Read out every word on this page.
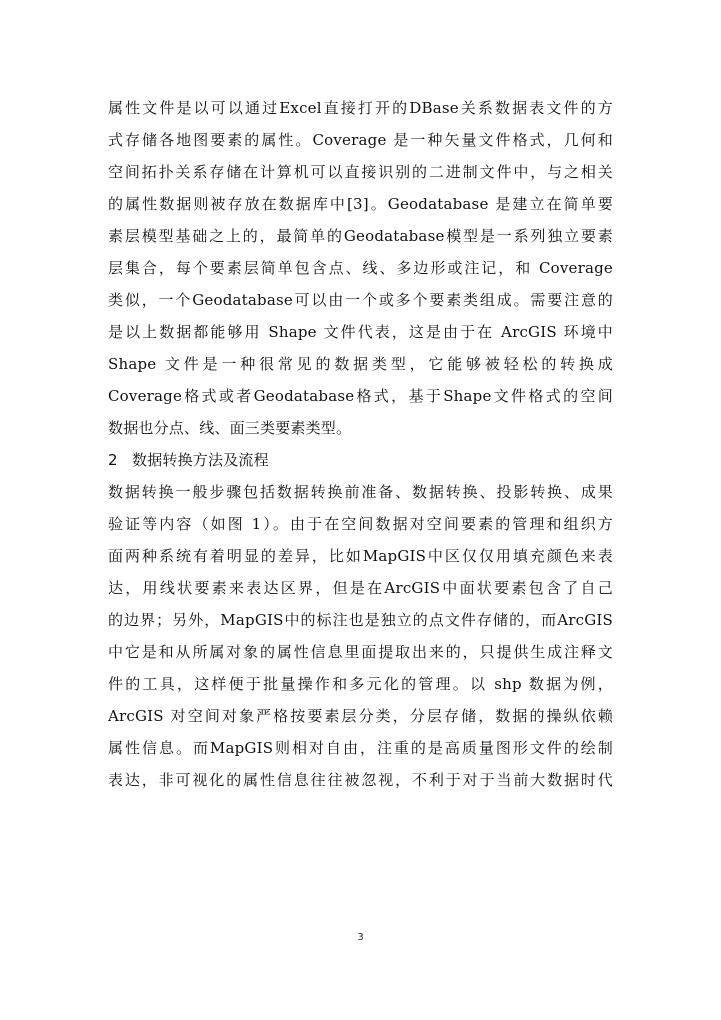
属性文件是以可以通过Excel直接打开的DBase关系数据表文件的方
式存储各地图要素的属性。Coverage 是一种矢量文件格式，几何和
空间拓扑关系存储在计算机可以直接识别的二进制文件中，与之相关
的属性数据则被存放在数据库中[3]。Geodatabase 是建立在简单要
素层模型基础之上的，最简单的Geodatabase模型是一系列独立要素
层集合，每个要素层简单包含点、线、多边形或注记，和 Coverage
类似，一个Geodatabase可以由一个或多个要素类组成。需要注意的
是以上数据都能够用 Shape 文件代表，这是由于在 ArcGIS 环境中
Shape 文件是一种很常见的数据类型，它能够被轻松的转换成
Coverage格式或者Geodatabase格式，基于Shape文件格式的空间
数据也分点、线、面三类要素类型。
2 数据转换方法及流程
数据转换一般步骤包括数据转换前准备、数据转换、投影转换、成果
验证等内容（如图 1）。由于在空间数据对空间要素的管理和组织方
面两种系统有着明显的差异，比如MapGIS中区仅仅用填充颜色来表
达，用线状要素来表达区界，但是在ArcGIS中面状要素包含了自己
的边界；另外，MapGIS中的标注也是独立的点文件存储的，而ArcGIS
中它是和从所属对象的属性信息里面提取出来的，只提供生成注释文
件的工具，这样便于批量操作和多元化的管理。以 shp 数据为例，
ArcGIS 对空间对象严格按要素层分类，分层存储，数据的操纵依赖
属性信息。而MapGIS则相对自由，注重的是高质量图形文件的绘制
表达，非可视化的属性信息往往被忽视，不利于对于当前大数据时代
3
